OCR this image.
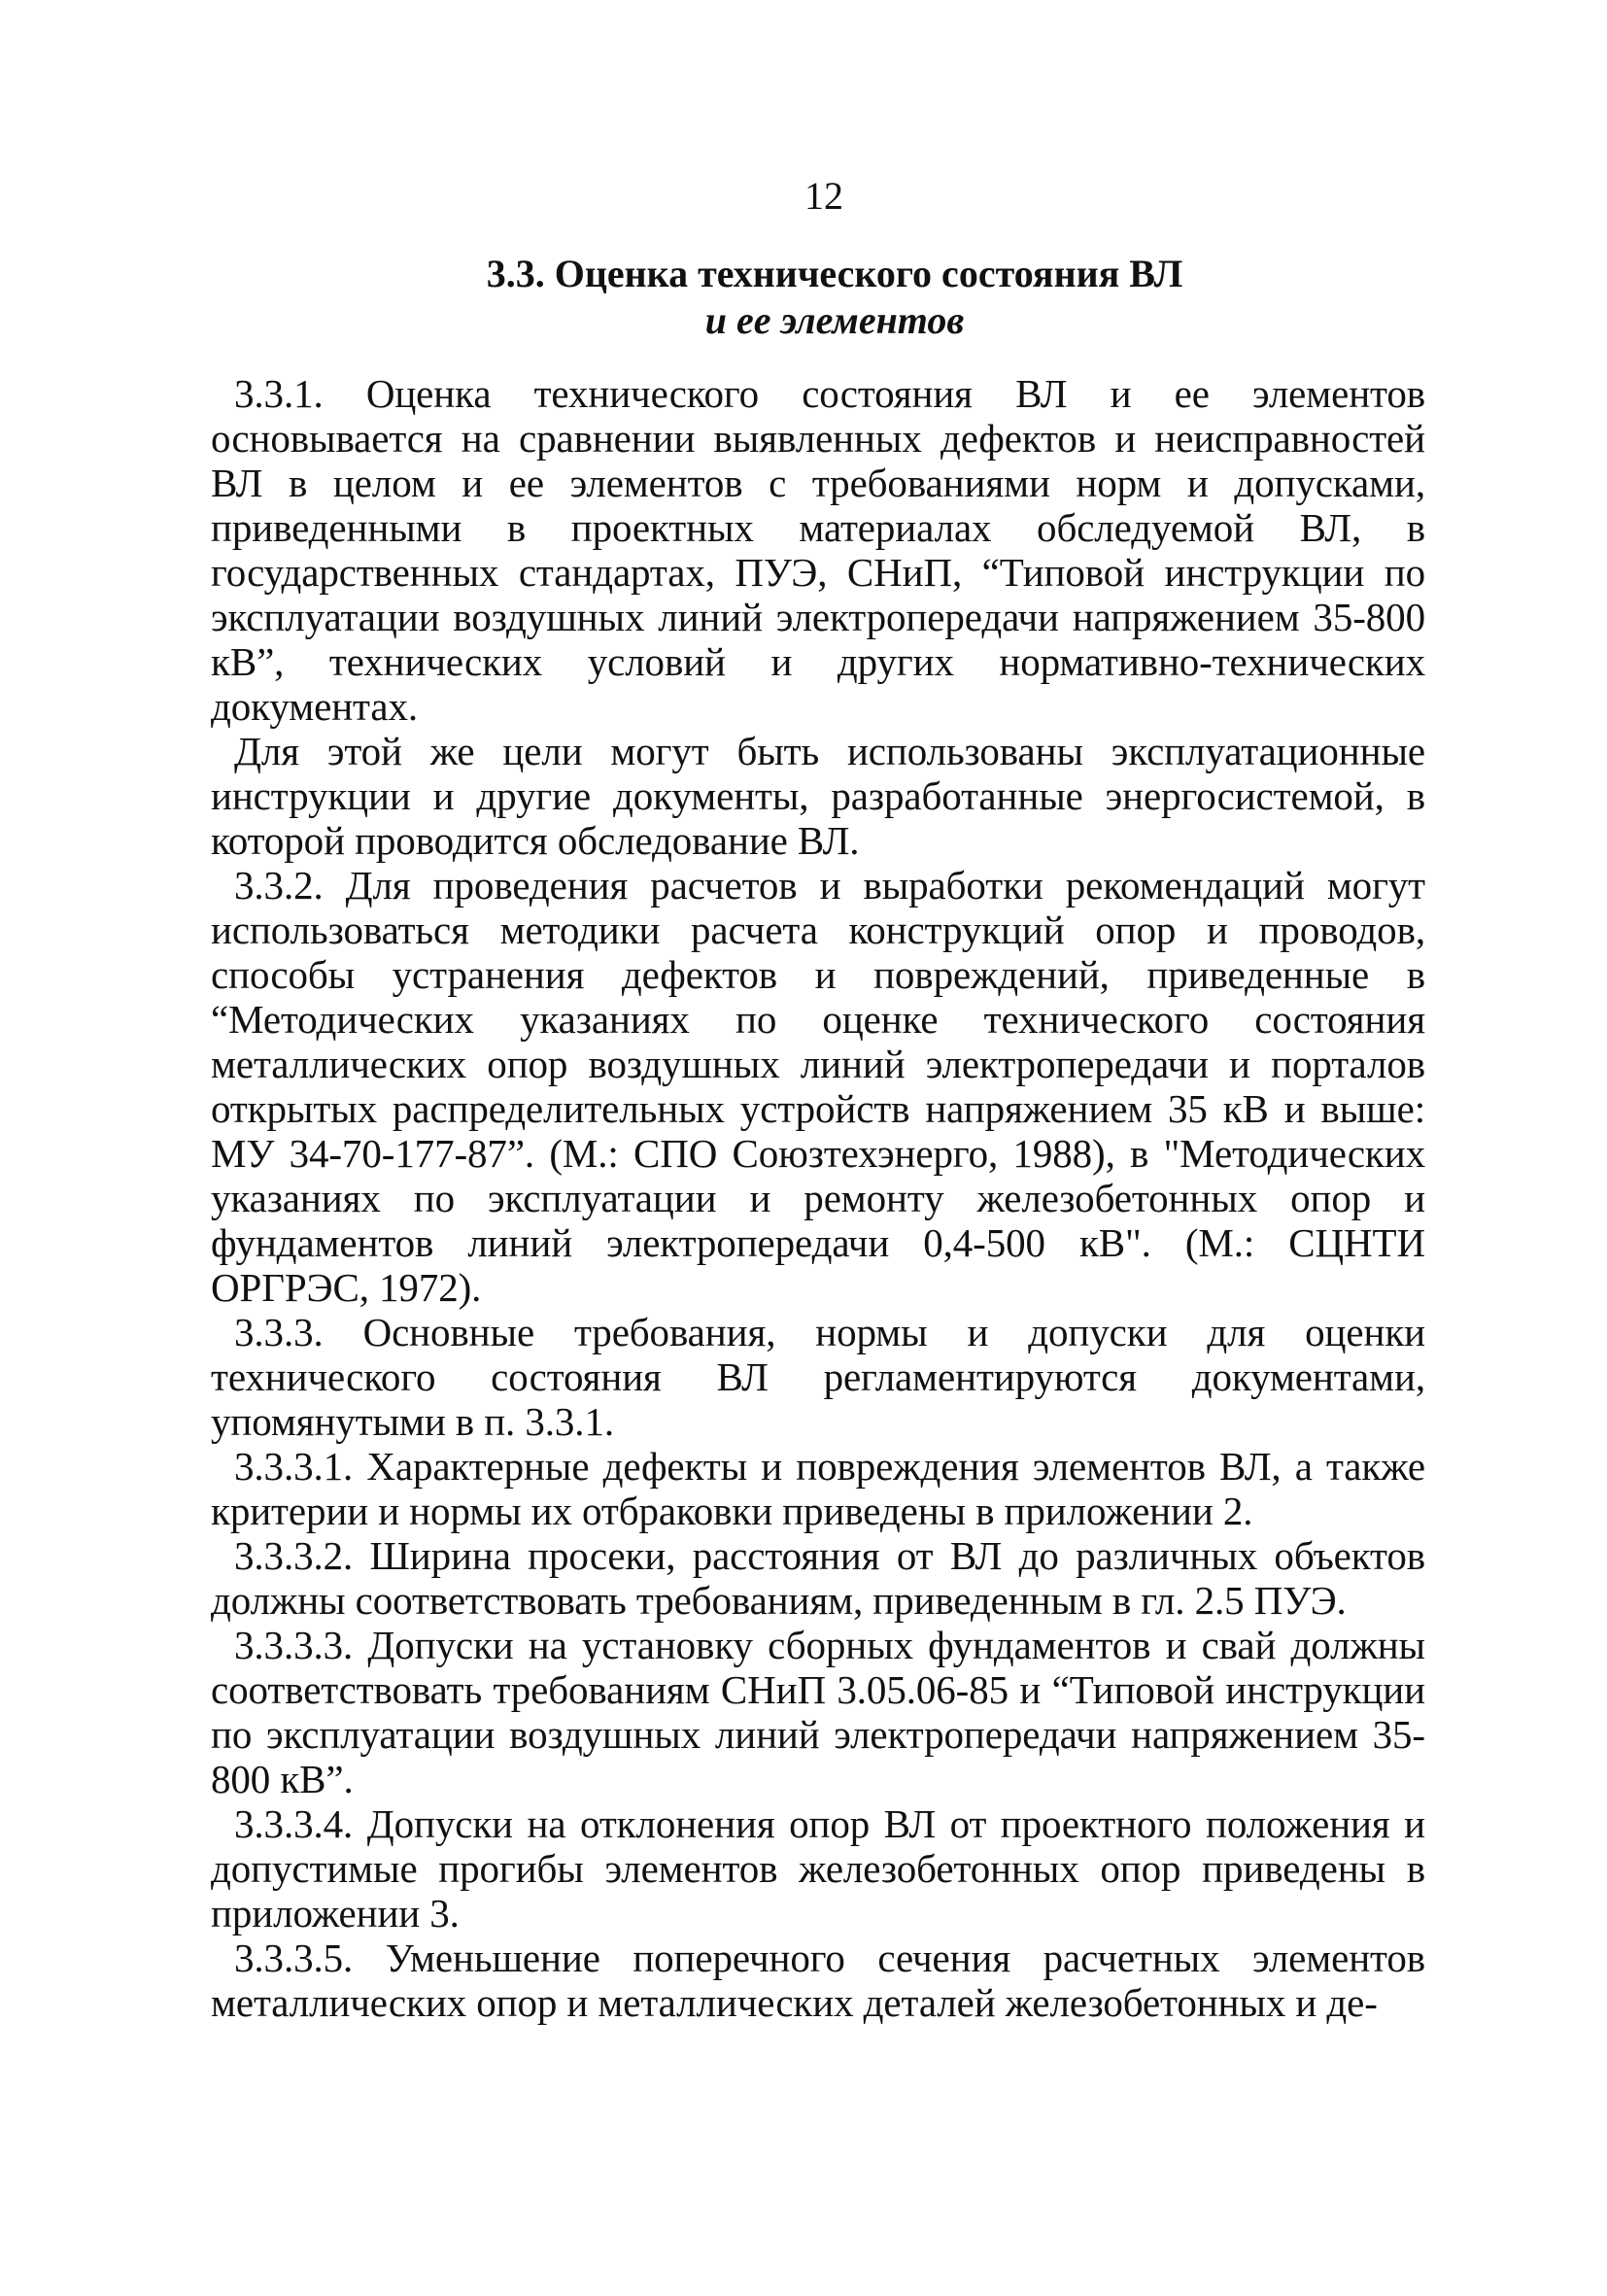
12
3.3. Оценка технического состояния ВЛ
и ее элементов

3.3.1. Оценка технического состояния ВЛ и ее элементов основывается на сравнении выявленных дефектов и неисправностей ВЛ в целом и ее элементов с требованиями норм и допусками, приведенными в проектных материалах обследуемой ВЛ, в государственных стандартах, ПУЭ, СНиП, “Типовой инструкции по эксплуатации воздушных линий электропередачи напряжением 35-800 кВ”, технических условий и других нормативно-технических документах.

Для этой же цели могут быть использованы эксплуатационные инструкции и другие документы, разработанные энергосистемой, в которой проводится обследование ВЛ.

3.3.2. Для проведения расчетов и выработки рекомендаций могут использоваться методики расчета конструкций опор и проводов, способы устранения дефектов и повреждений, приведенные в “Методических указаниях по оценке технического состояния металлических опор воздушных линий электропередачи и порталов открытых распределительных устройств напряжением 35 кВ и выше: МУ 34-70-177-87”. (М.: СПО Союзтехэнерго, 1988), в "Методических указаниях по эксплуатации и ремонту железобетонных опор и фундаментов линий электропередачи 0,4-500 кВ". (М.: СЦНТИ ОРГРЭС, 1972).

3.3.3. Основные требования, нормы и допуски для оценки технического состояния ВЛ регламентируются документами, упомянутыми в п. 3.3.1.

3.3.3.1. Характерные дефекты и повреждения элементов ВЛ, а также критерии и нормы их отбраковки приведены в приложении 2.

3.3.3.2. Ширина просеки, расстояния от ВЛ до различных объектов должны соответствовать требованиям, приведенным в гл. 2.5 ПУЭ.

3.3.3.3. Допуски на установку сборных фундаментов и свай должны соответствовать требованиям СНиП 3.05.06-85 и “Типовой инструкции по эксплуатации воздушных линий электропередачи напряжением 35-800 кВ”.

3.3.3.4. Допуски на отклонения опор ВЛ от проектного положения и допустимые прогибы элементов железобетонных опор приведены в приложении 3.

3.3.3.5. Уменьшение поперечного сечения расчетных элементов металлических опор и металлических деталей железобетонных и де-
